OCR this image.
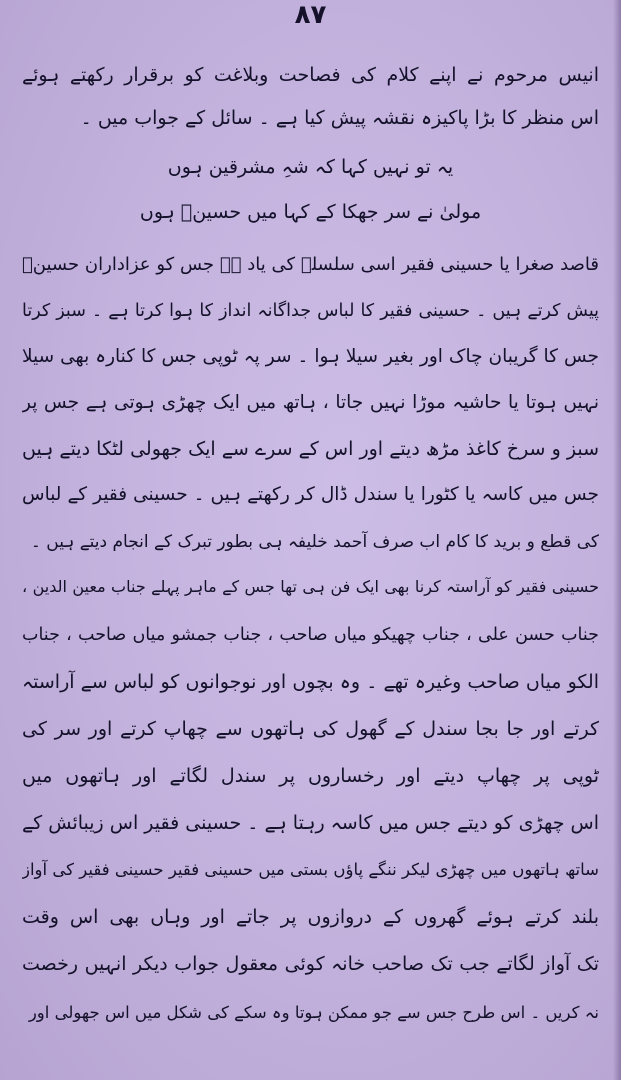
۸۷
انیس مرحوم نے اپنے کلام کی فصاحت وبلاغت کو برقرار رکھتے ہوئے
اس منظر کا بڑا پاکیزہ نقشہ پیش کیا ہے ۔ سائل کے جواب میں ۔
یہ تو نہیں کہا کہ شہِ مشرقین ہوں
مولیٰ نے سر جھکا کے کہا میں حسینؑ ہوں
قاصد صغرا یا حسینی فقیر اسی سلسلے کی یاد ہے جس کو عزاداران حسینؑ
پیش کرتے ہیں ۔ حسینی فقیر کا لباس جداگانہ انداز کا ہوا کرتا ہے ۔ سبز کرتا
جس کا گریبان چاک اور بغیر سیلا ہوا ۔ سر پہ ٹوپی جس کا کنارہ بھی سیلا
نہیں ہوتا یا حاشیہ موڑا نہیں جاتا ، ہاتھ میں ایک چھڑی ہوتی ہے جس پر
سبز و سرخ کاغذ مڑھ دیتے اور اس کے سرے سے ایک جھولی لٹکا دیتے ہیں
جس میں کاسہ یا کٹورا یا سندل ڈال کر رکھتے ہیں ۔ حسینی فقیر کے لباس
کی قطع و برید کا کام اب صرف آحمد خلیفہ ہی بطور تبرک کے انجام دیتے ہیں ۔
حسینی فقیر کو آراستہ کرنا بھی ایک فن ہی تھا جس کے ماہر پہلے جناب معین الدین ،
جناب حسن علی ، جناب چھیکو میاں صاحب ، جناب جمشو میاں صاحب ، جناب
الکو میاں صاحب وغیرہ تھے ۔ وہ بچوں اور نوجوانوں کو لباس سے آراستہ
کرتے اور جا بجا سندل کے گھول کی ہاتھوں سے چھاپ کرتے اور سر کی
ٹوپی پر چھاپ دیتے اور رخساروں پر سندل لگاتے اور ہاتھوں میں
اس چھڑی کو دیتے جس میں کاسہ رہتا ہے ۔ حسینی فقیر اس زیبائش کے
ساتھ ہاتھوں میں چھڑی لیکر ننگے پاؤں بستی میں حسینی فقیر حسینی فقیر کی آواز
بلند کرتے ہوئے گھروں کے دروازوں پر جاتے اور وہاں بھی اس وقت
تک آواز لگاتے جب تک صاحب خانہ کوئی معقول جواب دیکر انہیں رخصت
نہ کریں ۔ اس طرح جس سے جو ممکن ہوتا وہ سکے کی شکل میں اس جھولی اور
